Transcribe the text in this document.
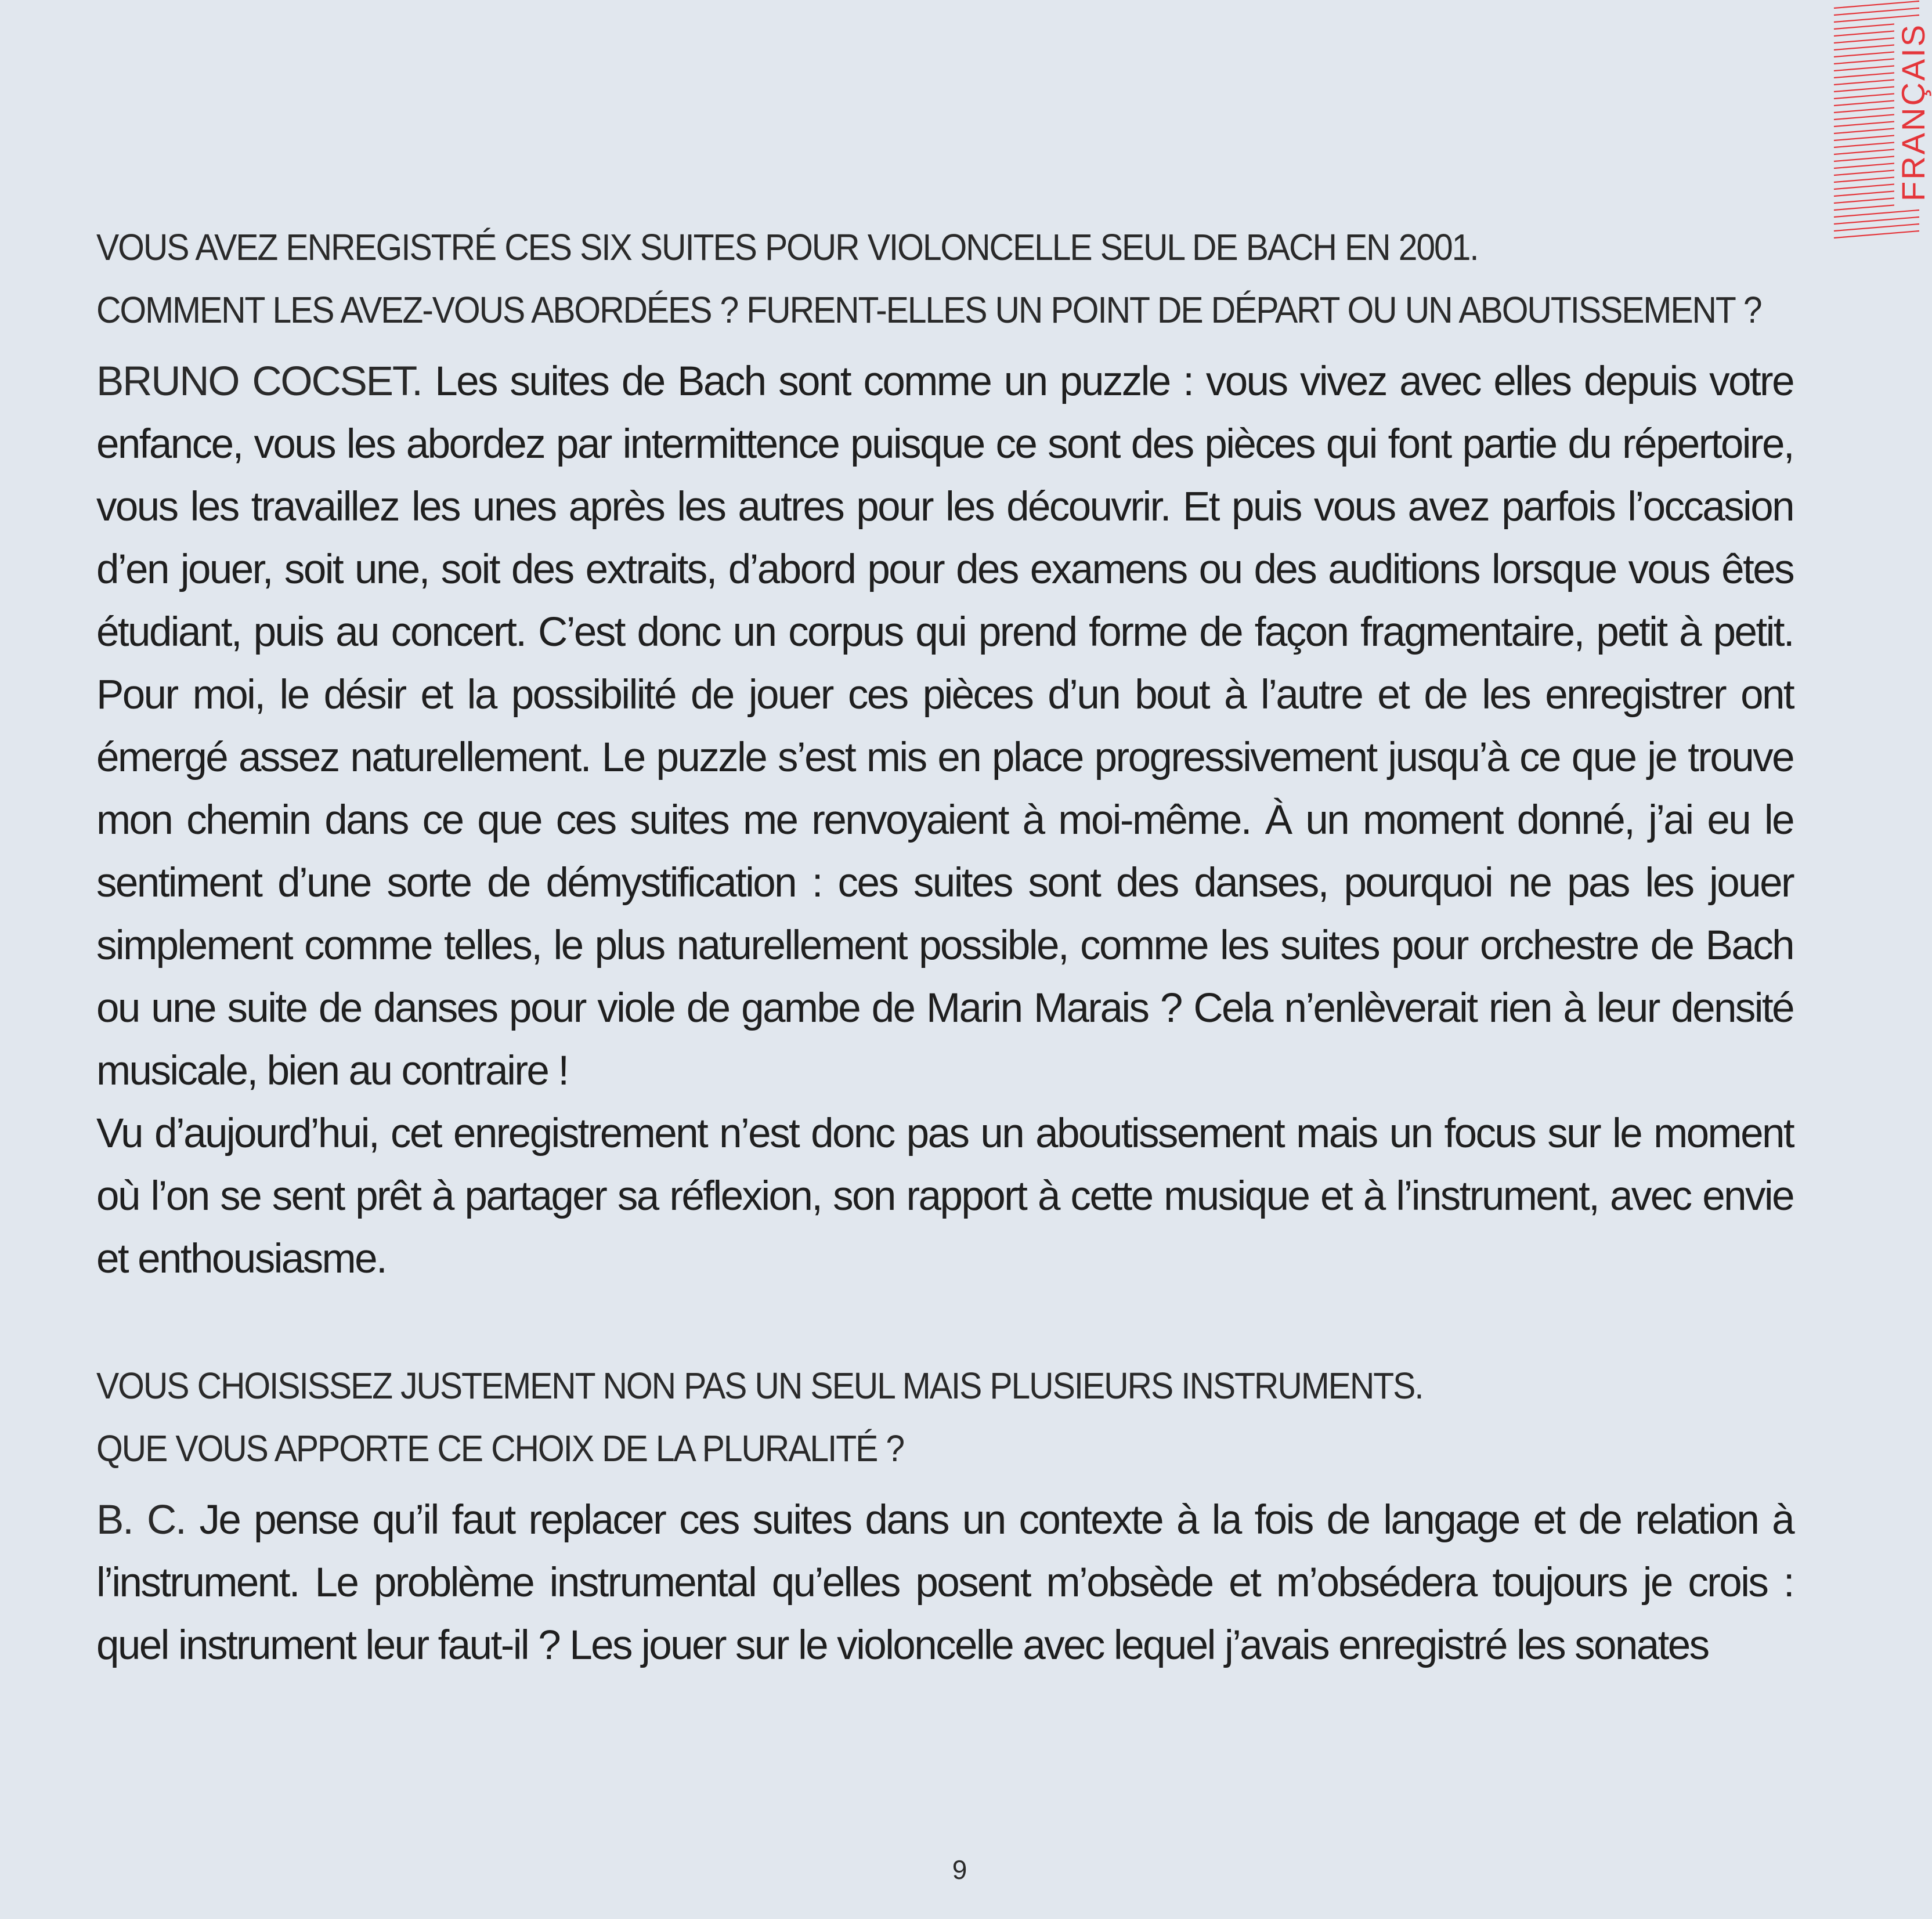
FRANÇAIS
VOUS AVEZ ENREGISTRÉ CES SIX SUITES POUR VIOLONCELLE SEUL DE BACH EN 2001.
COMMENT LES AVEZ-VOUS ABORDÉES ? FURENT-ELLES UN POINT DE DÉPART OU UN ABOUTISSEMENT ?
BRUNO COCSET. Les suites de Bach sont comme un puzzle : vous vivez avec elles depuis votre enfance, vous les abordez par intermittence puisque ce sont des pièces qui font partie du répertoire, vous les travaillez les unes après les autres pour les découvrir. Et puis vous avez parfois l’occasion d’en jouer, soit une, soit des extraits, d’abord pour des examens ou des auditions lorsque vous êtes étudiant, puis au concert. C’est donc un corpus qui prend forme de façon fragmentaire, petit à petit. Pour moi, le désir et la possibilité de jouer ces pièces d’un bout à l’autre et de les enregistrer ont émergé assez naturellement. Le puzzle s’est mis en place progressivement jusqu’à ce que je trouve mon chemin dans ce que ces suites me renvoyaient à moi-même. À un moment donné, j’ai eu le sentiment d’une sorte de démystification : ces suites sont des danses, pourquoi ne pas les jouer simplement comme telles, le plus naturellement possible, comme les suites pour orchestre de Bach ou une suite de danses pour viole de gambe de Marin Marais ? Cela n’enlèverait rien à leur densité musicale, bien au contraire !
Vu d’aujourd’hui, cet enregistrement n’est donc pas un aboutissement mais un focus sur le moment où l’on se sent prêt à partager sa réflexion, son rapport à cette musique et à l’instrument, avec envie et enthousiasme.
VOUS CHOISISSEZ JUSTEMENT NON PAS UN SEUL MAIS PLUSIEURS INSTRUMENTS.
QUE VOUS APPORTE CE CHOIX DE LA PLURALITÉ ?
B. C. Je pense qu’il faut replacer ces suites dans un contexte à la fois de langage et de relation à l’instrument. Le problème instrumental qu’elles posent m’obsède et m’obsédera toujours je crois : quel instrument leur faut-il ? Les jouer sur le violoncelle avec lequel j’avais enregistré les sonates
9
